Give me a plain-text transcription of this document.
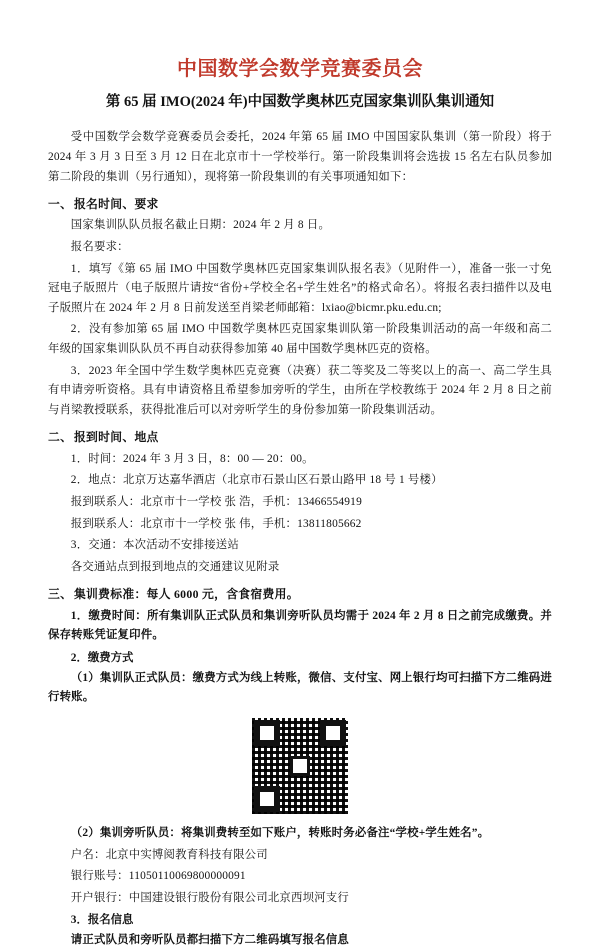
中国数学会数学竞赛委员会
第 65 届 IMO(2024 年)中国数学奥林匹克国家集训队集训通知

受中国数学会数学竞赛委员会委托，2024 年第 65 届 IMO 中国国家队集训（第一阶段）将于 2024 年 3 月 3 日至 3 月 12 日在北京市十一学校举行。第一阶段集训将会选拔 15 名左右队员参加第二阶段的集训（另行通知），现将第一阶段集训的有关事项通知如下：

一、 报名时间、要求

国家集训队队员报名截止日期：2024 年 2 月 8 日。

报名要求：

1．填写《第 65 届 IMO 中国数学奥林匹克国家集训队报名表》（见附件一），准备一张一寸免冠电子版照片（电子版照片请按“省份+学校全名+学生姓名”的格式命名）。将报名表扫描件以及电子版照片在 2024 年 2 月 8 日前发送至肖梁老师邮箱：lxiao@bicmr.pku.edu.cn;

2．没有参加第 65 届 IMO 中国数学奥林匹克国家集训队第一阶段集训活动的高一年级和高二年级的国家集训队队员不再自动获得参加第 40 届中国数学奥林匹克的资格。

3．2023 年全国中学生数学奥林匹克竞赛（决赛）获二等奖及二等奖以上的高一、高二学生具有申请旁听资格。具有申请资格且希望参加旁听的学生，由所在学校教练于 2024 年 2 月 8 日之前与肖梁教授联系，获得批准后可以对旁听学生的身份参加第一阶段集训活动。

二、 报到时间、地点

1．时间：2024 年 3 月 3 日，8：00 — 20：00。

2．地点：北京万达嘉华酒店（北京市石景山区石景山路甲 18 号 1 号楼）

报到联系人：北京市十一学校 张 浩，手机：13466554919

报到联系人：北京市十一学校 张 伟，手机：13811805662

3．交通：本次活动不安排接送站

各交通站点到报到地点的交通建议见附录

三、 集训费标准：每人 6000 元，含食宿费用。

1．缴费时间：所有集训队正式队员和集训旁听队员均需于 2024 年 2 月 8 日之前完成缴费。并保存转账凭证复印件。

2．缴费方式

（1）集训队正式队员：缴费方式为线上转账，微信、支付宝、网上银行均可扫描下方二维码进行转账。

（2）集训旁听队员：将集训费转至如下账户，转账时务必备注“学校+学生姓名”。

户名：北京中实博阅教育科技有限公司

银行账号：11050110069800000091

开户银行：中国建设银行股份有限公司北京西坝河支行

3．报名信息

请正式队员和旁听队员都扫描下方二维码填写报名信息
